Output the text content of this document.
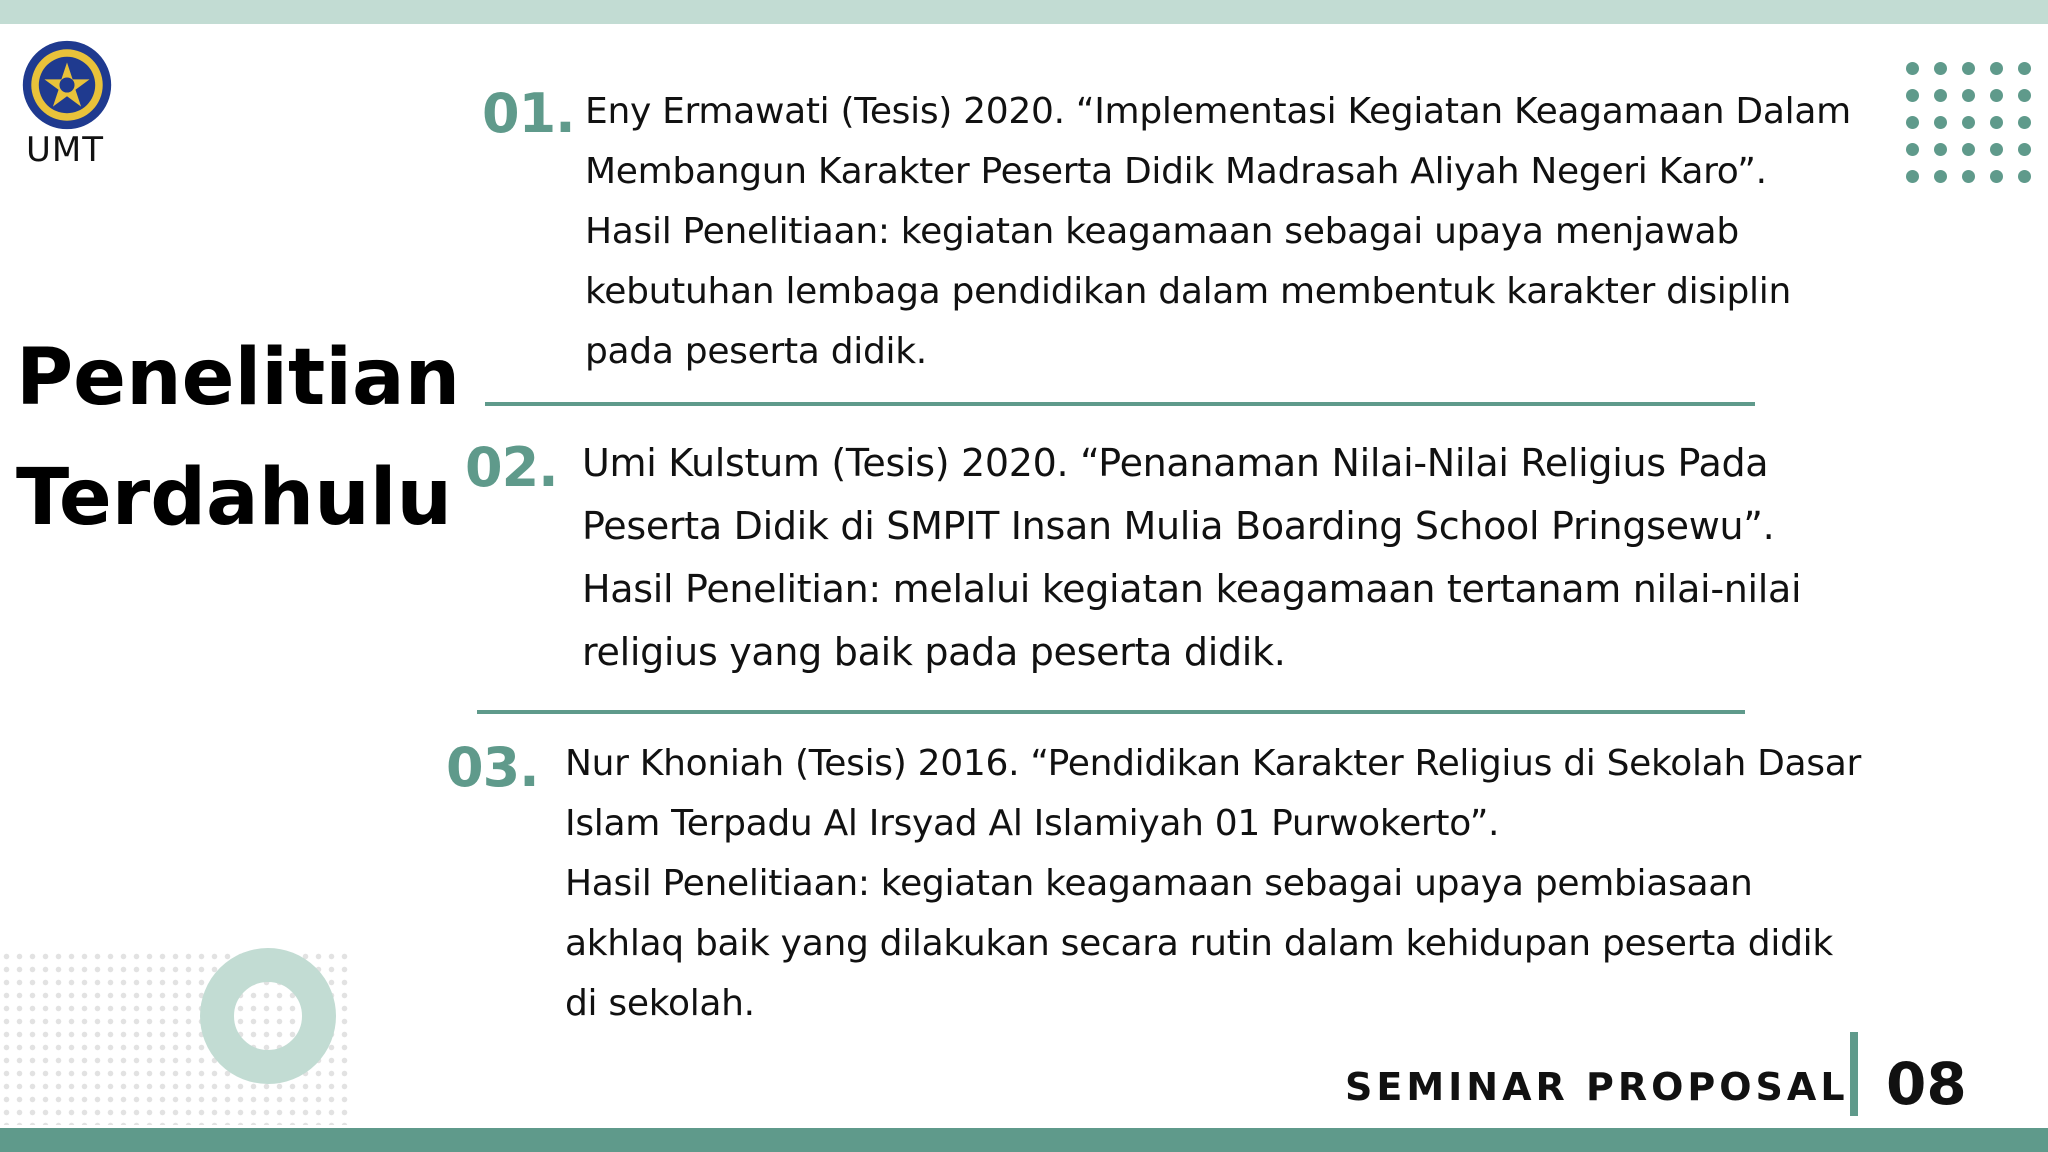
UMT
Penelitian
Terdahulu
01. Eny Ermawati (Tesis) 2020. “Implementasi Kegiatan Keagamaan Dalam
Membangun Karakter Peserta Didik Madrasah Aliyah Negeri Karo”.
Hasil Penelitiaan: kegiatan keagamaan sebagai upaya menjawab
kebutuhan lembaga pendidikan dalam membentuk karakter disiplin
pada peserta didik.
02. Umi Kulstum (Tesis) 2020. “Penanaman Nilai-Nilai Religius Pada
Peserta Didik di SMPIT Insan Mulia Boarding School Pringsewu”.
Hasil Penelitian: melalui kegiatan keagamaan tertanam nilai-nilai
religius yang baik pada peserta didik.
03. Nur Khoniah (Tesis) 2016. “Pendidikan Karakter Religius di Sekolah Dasar
Islam Terpadu Al Irsyad Al Islamiyah 01 Purwokerto”.
Hasil Penelitiaan: kegiatan keagamaan sebagai upaya pembiasaan
akhlaq baik yang dilakukan secara rutin dalam kehidupan peserta didik
di sekolah.
SEMINAR PROPOSAL 08
